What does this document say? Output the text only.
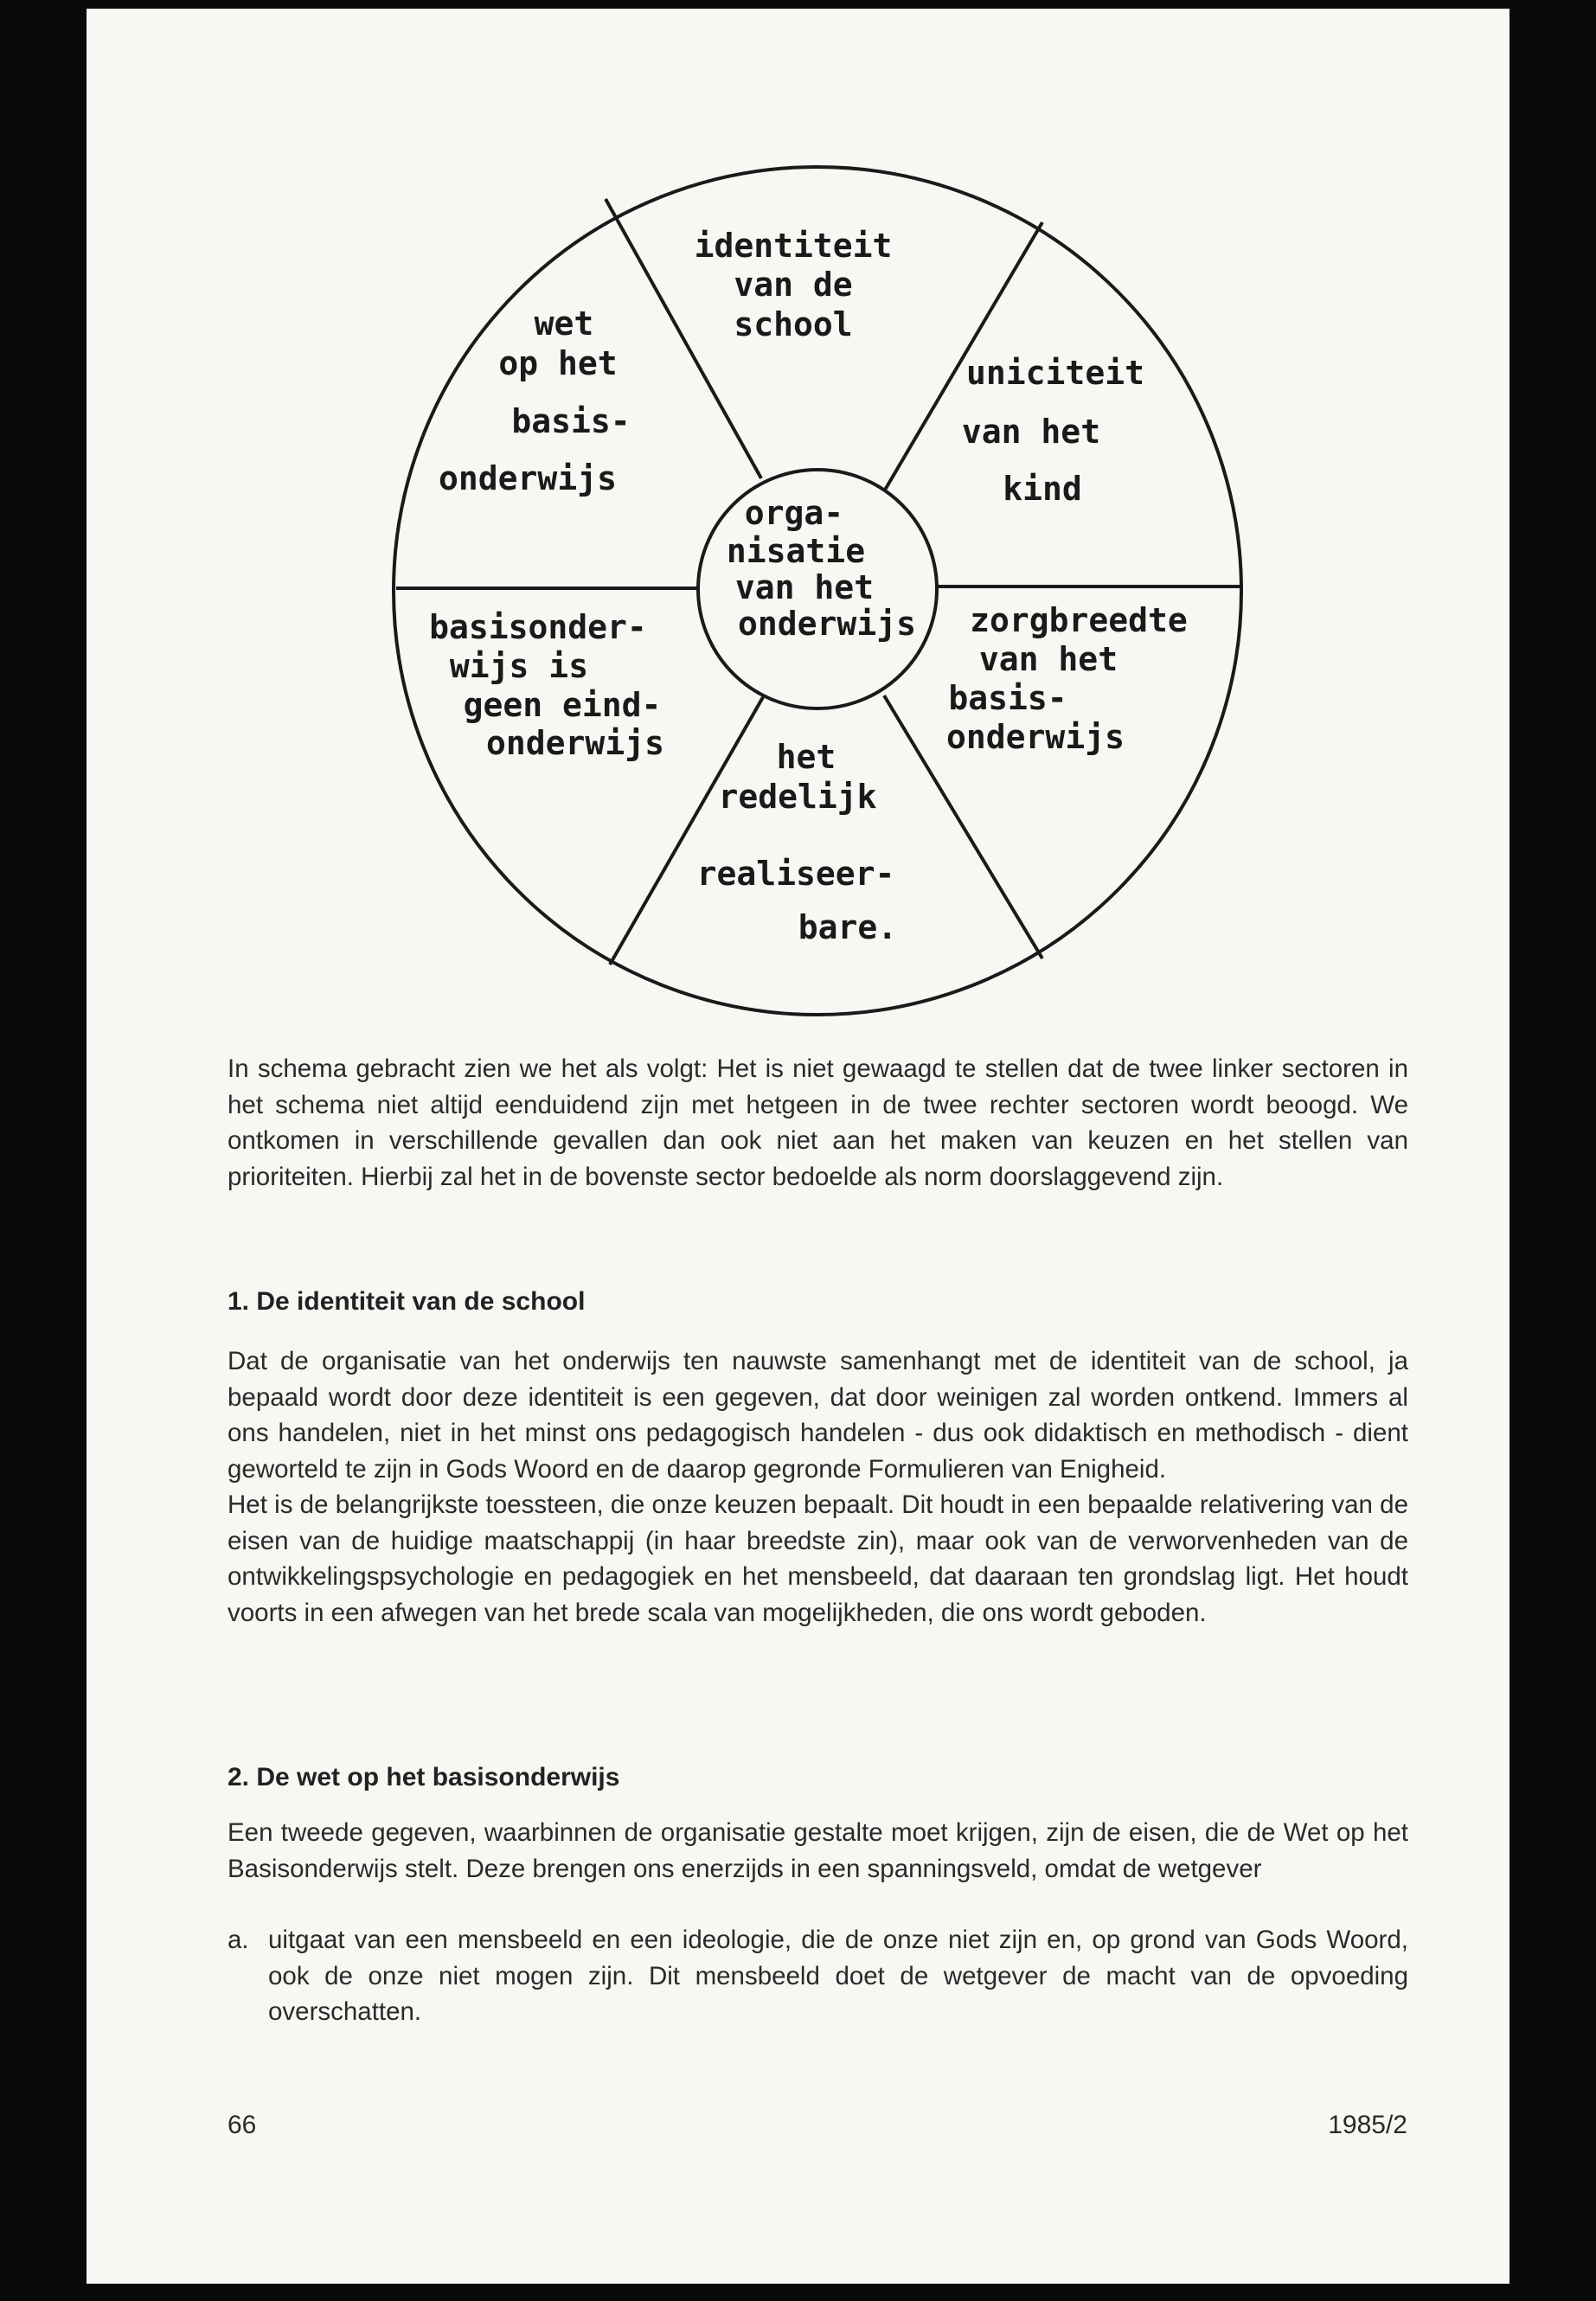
orga-
nisatie
van het
onderwijs
identiteit
van de
school
uniciteit
van het
kind
zorgbreedte
van het
basis-
onderwijs
het
redelijk
realiseer-
bare.
basisonder-
wijs is
geen eind-
onderwijs
wet
op het
basis-
onderwijs

In schema gebracht zien we het als volgt: Het is niet gewaagd te stellen dat de twee linker sectoren in het schema niet altijd eenduidend zijn met hetgeen in de twee rechter sectoren wordt beoogd. We ontkomen in verschillende gevallen dan ook niet aan het maken van keuzen en het stellen van prioriteiten. Hierbij zal het in de bovenste sector bedoelde als norm doorslaggevend zijn.

1. De identiteit van de school

Dat de organisatie van het onderwijs ten nauwste samenhangt met de identiteit van de school, ja bepaald wordt door deze identiteit is een gegeven, dat door weinigen zal worden ontkend. Immers al ons handelen, niet in het minst ons pedagogisch handelen - dus ook didaktisch en methodisch - dient geworteld te zijn in Gods Woord en de daarop gegronde Formulieren van Enigheid.

Het is de belangrijkste toessteen, die onze keuzen bepaalt. Dit houdt in een bepaalde relativering van de eisen van de huidige maatschappij (in haar breedste zin), maar ook van de verworvenheden van de ontwikkelingspsychologie en pedagogiek en het mensbeeld, dat daaraan ten grondslag ligt. Het houdt voorts in een afwegen van het brede scala van mogelijkheden, die ons wordt geboden.

2. De wet op het basisonderwijs

Een tweede gegeven, waarbinnen de organisatie gestalte moet krijgen, zijn de eisen, die de Wet op het Basisonderwijs stelt. Deze brengen ons enerzijds in een spanningsveld, omdat de wetgever

a. uitgaat van een mensbeeld en een ideologie, die de onze niet zijn en, op grond van Gods Woord, ook de onze niet mogen zijn. Dit mensbeeld doet de wetgever de macht van de opvoeding overschatten.
66	1985/2
